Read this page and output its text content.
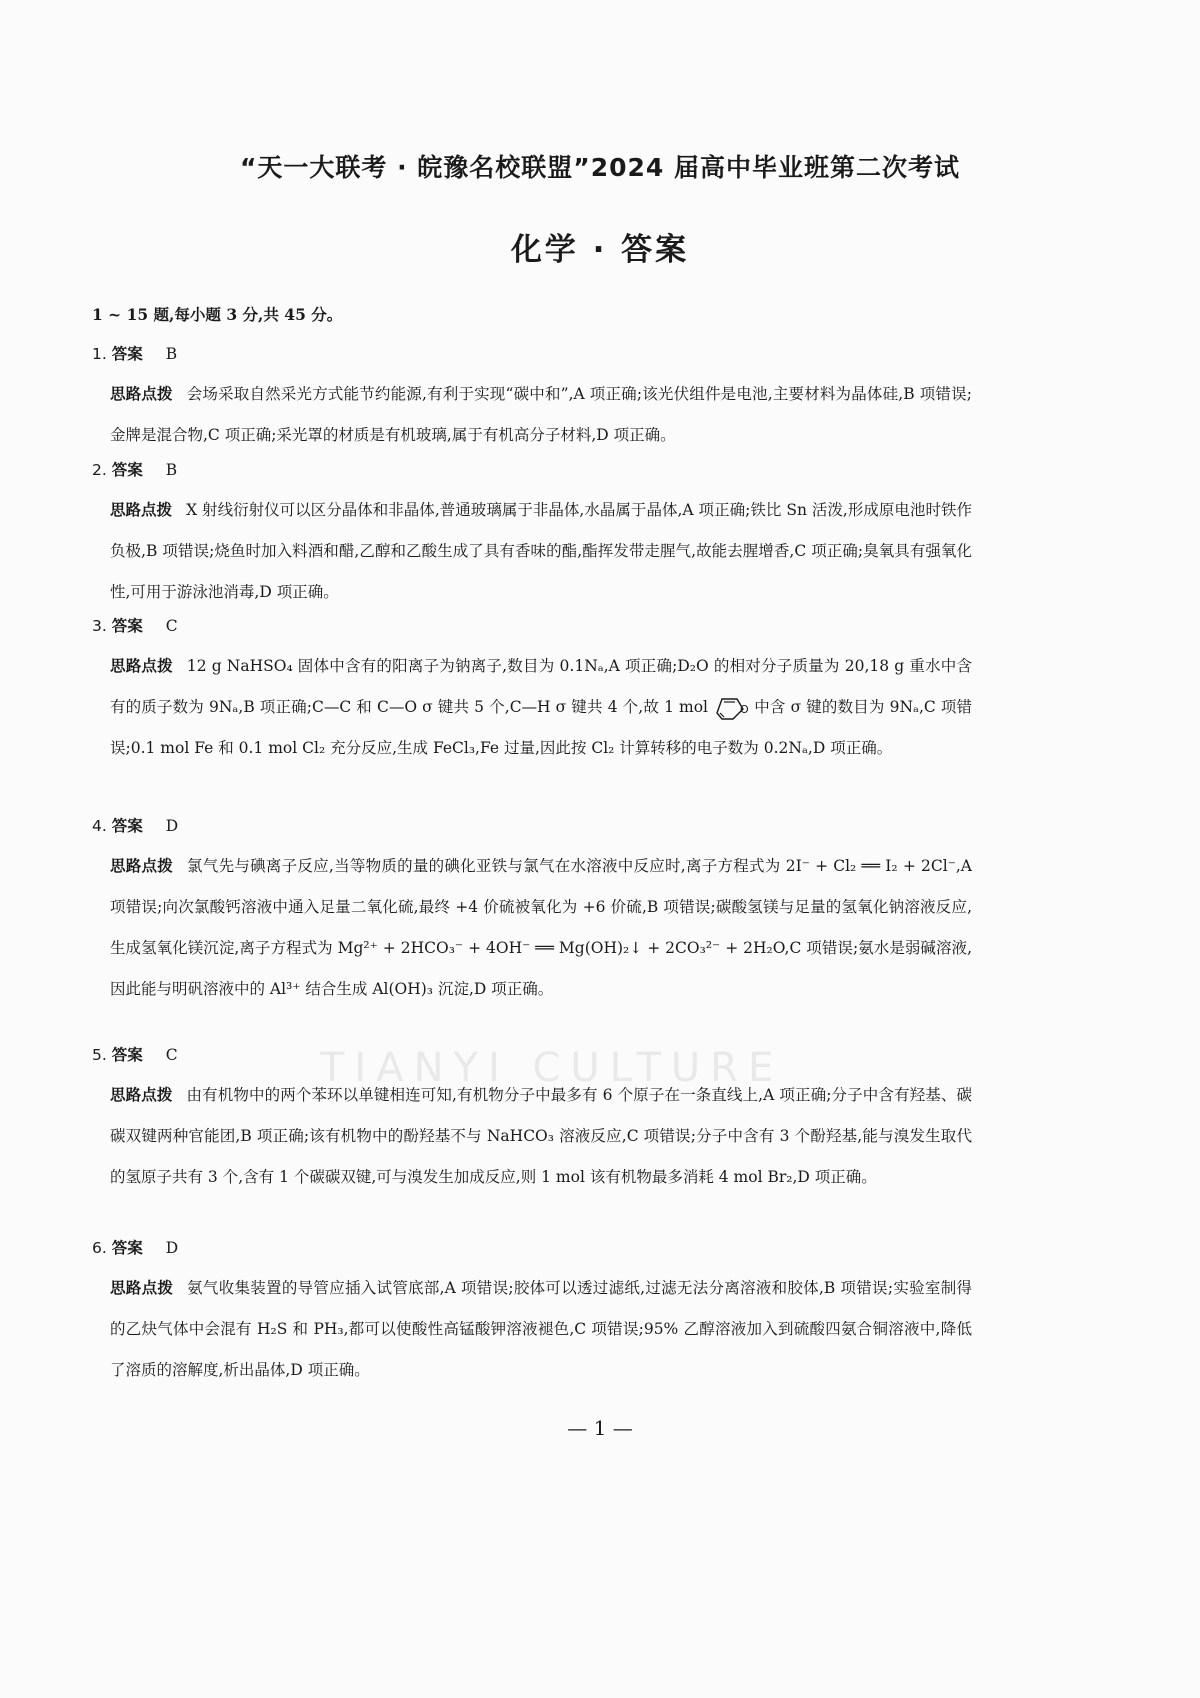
TIANYI CULTURE
“天一大联考 · 皖豫名校联盟”2024 届高中毕业班第二次考试
化学 · 答案
1 ~ 15 题,每小题 3 分,共 45 分。
1. 答案 B
思路点拨 会场采取自然采光方式能节约能源,有利于实现“碳中和”,A 项正确;该光伏组件是电池,主要材料为晶体硅,B 项错误;金牌是混合物,C 项正确;采光罩的材质是有机玻璃,属于有机高分子材料,D 项正确。
2. 答案 B
思路点拨 X 射线衍射仪可以区分晶体和非晶体,普通玻璃属于非晶体,水晶属于晶体,A 项正确;铁比 Sn 活泼,形成原电池时铁作负极,B 项错误;烧鱼时加入料酒和醋,乙醇和乙酸生成了具有香味的酯,酯挥发带走腥气,故能去腥增香,C 项正确;臭氧具有强氧化性,可用于游泳池消毒,D 项正确。
3. 答案 C
思路点拨 12 g NaHSO₄ 固体中含有的阳离子为钠离子,数目为 0.1Nₐ,A 项正确;D₂O 的相对分子质量为 20,18 g 重水中含有的质子数为 9Nₐ,B 项正确;C—C 和 C—O σ 键共 5 个,C—H σ 键共 4 个,故 1 mol	O 中含 σ 键的数目为 9Nₐ,C 项错误;0.1 mol Fe 和 0.1 mol Cl₂ 充分反应,生成 FeCl₃,Fe 过量,因此按 Cl₂ 计算转移的电子数为 0.2Nₐ,D 项正确。
4. 答案 D
思路点拨 氯气先与碘离子反应,当等物质的量的碘化亚铁与氯气在水溶液中反应时,离子方程式为 2I⁻ + Cl₂ ══ I₂ + 2Cl⁻,A 项错误;向次氯酸钙溶液中通入足量二氧化硫,最终 +4 价硫被氧化为 +6 价硫,B 项错误;碳酸氢镁与足量的氢氧化钠溶液反应,生成氢氧化镁沉淀,离子方程式为 Mg²⁺ + 2HCO₃⁻ + 4OH⁻ ══ Mg(OH)₂↓ + 2CO₃²⁻ + 2H₂O,C 项错误;氨水是弱碱溶液,因此能与明矾溶液中的 Al³⁺ 结合生成 Al(OH)₃ 沉淀,D 项正确。
5. 答案 C
思路点拨 由有机物中的两个苯环以单键相连可知,有机物分子中最多有 6 个原子在一条直线上,A 项正确;分子中含有羟基、碳碳双键两种官能团,B 项正确;该有机物中的酚羟基不与 NaHCO₃ 溶液反应,C 项错误;分子中含有 3 个酚羟基,能与溴发生取代的氢原子共有 3 个,含有 1 个碳碳双键,可与溴发生加成反应,则 1 mol 该有机物最多消耗 4 mol Br₂,D 项正确。
6. 答案 D
思路点拨 氨气收集装置的导管应插入试管底部,A 项错误;胶体可以透过滤纸,过滤无法分离溶液和胶体,B 项错误;实验室制得的乙炔气体中会混有 H₂S 和 PH₃,都可以使酸性高锰酸钾溶液褪色,C 项错误;95% 乙醇溶液加入到硫酸四氨合铜溶液中,降低了溶质的溶解度,析出晶体,D 项正确。
— 1 —
